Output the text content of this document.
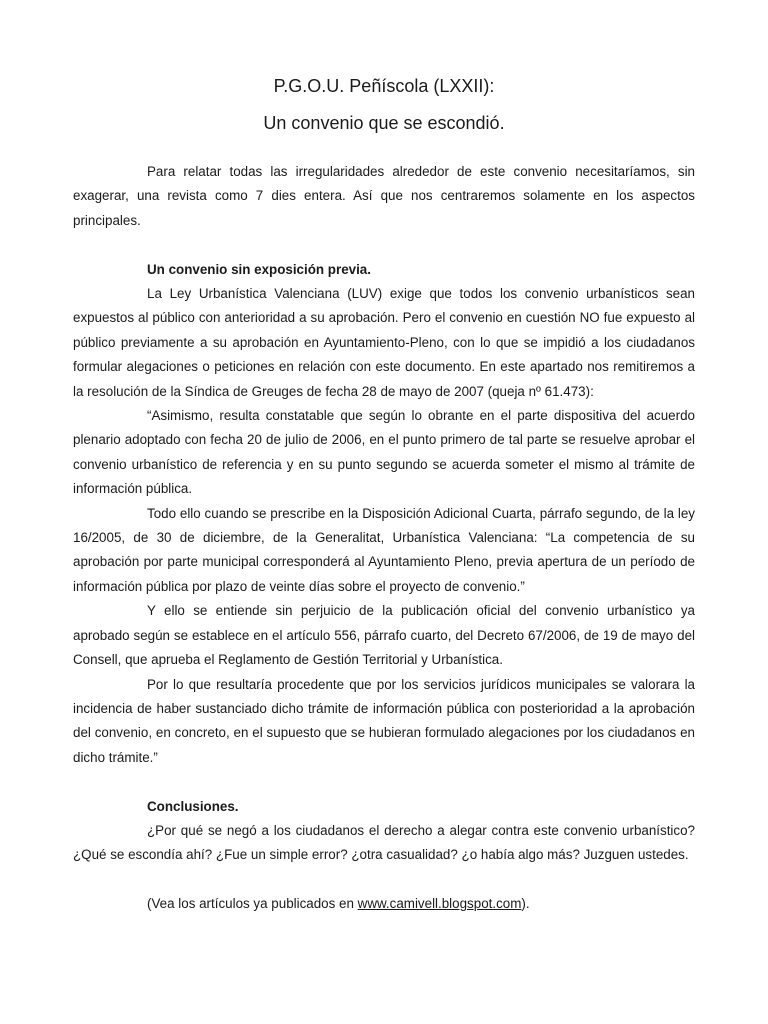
P.G.O.U. Peñíscola (LXXII):
Un convenio que se escondió.

Para relatar todas las irregularidades alrededor de este convenio necesitaríamos, sin exagerar, una revista como 7 dies entera. Así que nos centraremos solamente en los aspectos principales.

Un convenio sin exposición previa.

La Ley Urbanística Valenciana (LUV) exige que todos los convenio urbanísticos sean expuestos al público con anterioridad a su aprobación. Pero el convenio en cuestión NO fue expuesto al público previamente a su aprobación en Ayuntamiento-Pleno, con lo que se impidió a los ciudadanos formular alegaciones o peticiones en relación con este documento. En este apartado nos remitiremos a la resolución de la Síndica de Greuges de fecha 28 de mayo de 2007 (queja nº 61.473):

“Asimismo, resulta constatable que según lo obrante en el parte dispositiva del acuerdo plenario adoptado con fecha 20 de julio de 2006, en el punto primero de tal parte se resuelve aprobar el convenio urbanístico de referencia y en su punto segundo se acuerda someter el mismo al trámite de información pública.

Todo ello cuando se prescribe en la Disposición Adicional Cuarta, párrafo segundo, de la ley 16/2005, de 30 de diciembre, de la Generalitat, Urbanística Valenciana: “La competencia de su aprobación por parte municipal corresponderá al Ayuntamiento Pleno, previa apertura de un período de información pública por plazo de veinte días sobre el proyecto de convenio.”

Y ello se entiende sin perjuicio de la publicación oficial del convenio urbanístico ya aprobado según se establece en el artículo 556, párrafo cuarto, del Decreto 67/2006, de 19 de mayo del Consell, que aprueba el Reglamento de Gestión Territorial y Urbanística.

Por lo que resultaría procedente que por los servicios jurídicos municipales se valorara la incidencia de haber sustanciado dicho trámite de información pública con posterioridad a la aprobación del convenio, en concreto, en el supuesto que se hubieran formulado alegaciones por los ciudadanos en dicho trámite.”

Conclusiones.

¿Por qué se negó a los ciudadanos el derecho a alegar contra este convenio urbanístico? ¿Qué se escondía ahí? ¿Fue un simple error? ¿otra casualidad? ¿o había algo más? Juzguen ustedes.

(Vea los artículos ya publicados en www.camivell.blogspot.com).
